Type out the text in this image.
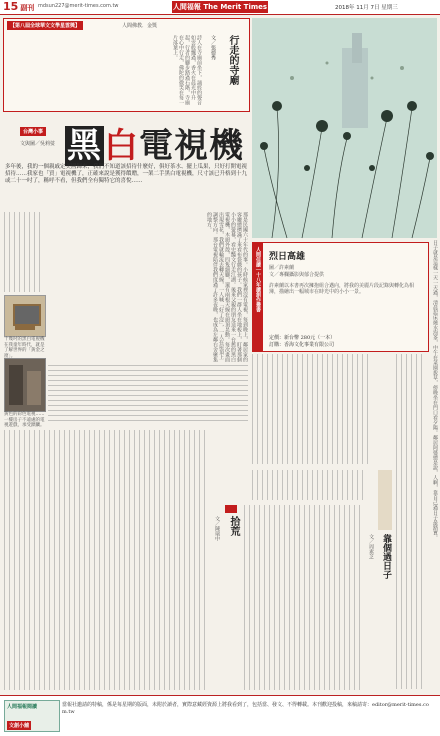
15 副刊 mdsun227@merit-times.com.tw	人間福報 The Merit Times	2018年 11月 7日 星期三
【第八屆全球華文文學星雲獎】	人間佛教．金獎
行走的寺廟
文／張德秀
詩人在寺廟前坐下，誦經的聲音如雲般飄過，香火在晨光中升起，行者的腳步踏過石階，寺廟在心中行走，佛陀的微笑在每一片落葉上。
日子就是這樣一天一天過，清晨起床燒水泡茶，中午在菜園拔草，傍晚坐在門口看夕陽。鄰居阿婆總是說，人啊，靠自己過日子最踏實。
台灣小事
文與圖／吳莉娑 黑白電視機
多年後，我的一個親戚定美國歸來，我們不知道該招待什麼好，俱好茶水、擺上瓜果，只好打開電視招待……我家也「買」電視機了，正確來說是獲得饋贈，一架二手黑白電視機，尺寸該已升格到十九或二十一吋了，稱呼不看，但我們全有獨特它的喜悅……
那是民國六十年代的事。小時候家裡沒有電視，每到晚上，鄰居家的客廳總擠滿了來看布袋戲的孩子。我們一群人坐在地板上，盯著那個小小的螢幕，看史豔文行走江湖。後來父親的朋友送來一台舊的黑白電視機，木頭外殼，四隻細腳，還有兩根天線在頭頂晃動。每次畫面出現雪花，我們就輪流去轉天線，一人喊「好了沒」，一人在屋頂上調整方向。那台電視陪伴我們度過了許多夜晚，也成為左鄰右舍聚集的地方。
十幾吋的黑白電視機在我童年時代，就是了解世界的「黃金之窗」。
黃色的彩色電視……一樓房子不遠處的電視遊戲，承受蹂躪。
人間佳讀｜十八年讀創作叢書 烈日高雄
圖／許素蘭
文／專欄攝影與郁合提供
許素蘭以本書再次擁抱組合邁向，將我的美麗片段記錄與轉化為相簿，描繪出一幅城市在時光中的小小一景。
定價：新台幣 280元（一本）
訂購：香海文化事業有限公司
靠個過日子
文／周素芝
拾荒
文／陳瑞中
人間福報閱讀
文創小舖
當報社邀請的特稿，係是每星期的版面，未附於讀者，實際意藏經資源上將我看到了，包括當、發文、不得轉載。本刊歡迎投稿，來稿請寄：editor@merit-times.com.tw
